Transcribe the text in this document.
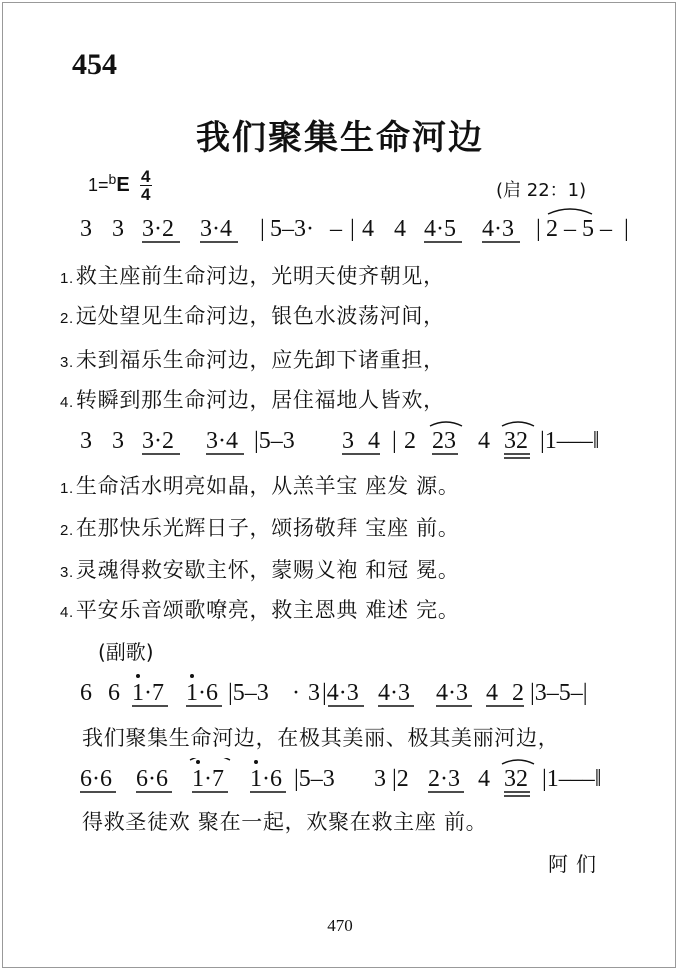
454
我们聚集生命河边
1= b E 4
4	(启 22：1)
3 3 3·2 3·4 | 5–3· – | 4 4 4·5 4·3 | 2 – 5 – |
1.救主座前生命河边，光明天使齐朝见，
2.远处望见生命河边，银色水波荡河间，
3.未到福乐生命河边，应先卸下诸重担，
4.转瞬到那生命河边，居住福地人皆欢，
3 3 3·2 3·4 |5–3 3 4 | 2 23 4 32 |1–––‖
1.生命活水明亮如晶，从羔羊宝 座发 源。
2.在那快乐光辉日子，颂扬敬拜 宝座 前。
3.灵魂得救安歇主怀，蒙赐义袍 和冠 冕。
4.平安乐音颂歌嘹亮，救主恩典 难述 完。
(副歌)
6 6 1·7 1·6 |5–3 · 3 |4·3 4·3 4·3 4 2 |3–5–|
我们聚集生命河边，在极其美丽、极其美丽河边，
6·6 6·6 1·7 1·6 |5–3 3 |2 2·3 4 32 |1–––‖
得救圣徒欢 聚在一起，欢聚在救主座 前。
阿们
470
